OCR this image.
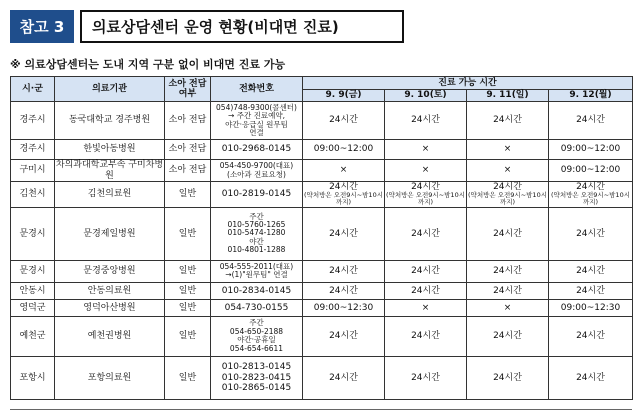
참고 3	의료상담센터 운영 현황(비대면 진료)
※ 의료상담센터는 도내 지역 구분 없이 비대면 진료 가능
시·군	의료기관	소아 전담 여부	전화번호	진료 가능 시간			
				9. 9(금)	9. 10(토)	9. 11(일)	9. 12(월)
경주시	동국대학교 경주병원	소아 전담	054)748-9300(콜센터)
→ 주간 진료예약,
야간·응급실 원무팀
연결	24시간	24시간	24시간	24시간
경주시	한빛아동병원	소아 전담	010-2968-0145	09:00~12:00	×	×	09:00~12:00
구미시	차의과대학교부속 구미차병원	소아 전담	054-450-9700(대표)
(소아과 진료요청)	×	×	×	09:00~12:00
김천시	김천의료원	일반	010-2819-0145	24시간
(약처방은 오전9시~밤10시까지)	24시간
(약처방은 오전9시~밤10시까지)	24시간
(약처방은 오전9시~밤10시까지)	24시간
(약처방은 오전9시~밤10시까지)

문경시	문경제일병원	일반	주간
010-5760-1265
010-5474-1280
야간
010-4801-1288	24시간	24시간	24시간	24시간
문경시	문경중앙병원	일반	054-555-2011(대표)
→(1)"원무팀" 연결	24시간	24시간	24시간	24시간
안동시	안동의료원	일반	010-2834-0145	24시간	24시간	24시간	24시간
영덕군	영덕아산병원	일반	054-730-0155	09:00~12:30	×	×	09:00~12:30
예천군	예천권병원	일반	주간
054-650-2188
야간·공휴일
054-654-6611	24시간	24시간	24시간	24시간
포항시	포항의료원	일반	010-2813-0145
010-2823-0415
010-2865-0145	24시간	24시간	24시간	24시간
